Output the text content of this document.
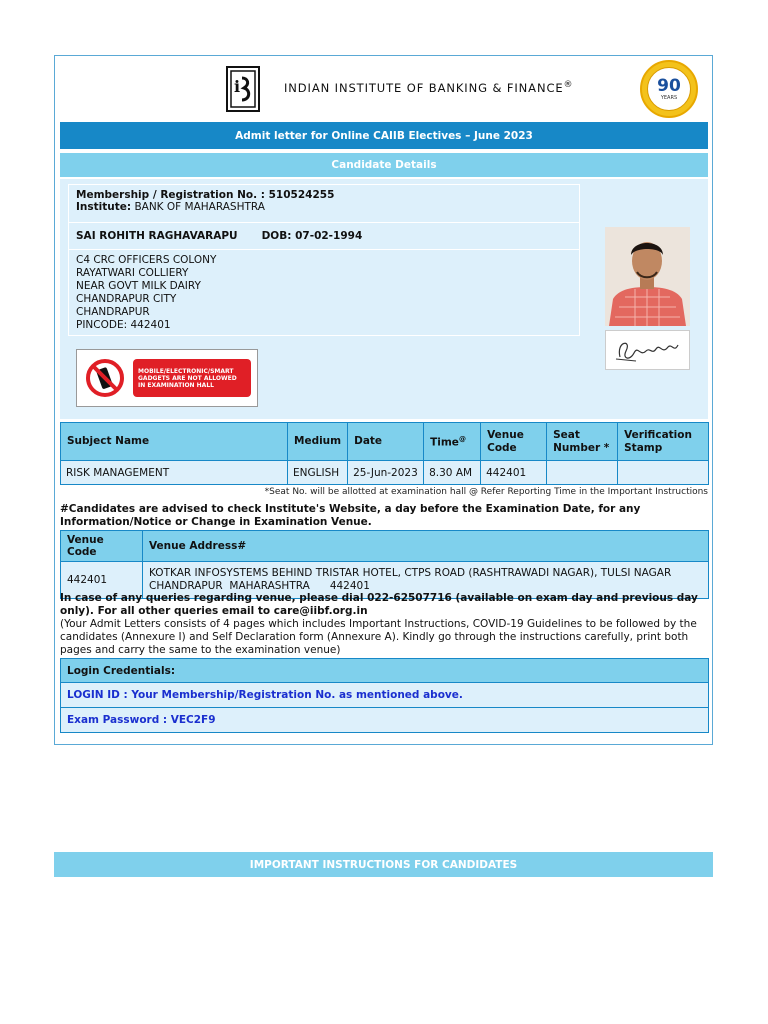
i	INDIAN INSTITUTE OF BANKING & FINANCE®	90
YEARS
Admit letter for Online CAIIB Electives – June 2023
Candidate Details
Membership / Registration No. : 510524255
Institute: BANK OF MAHARASHTRA
SAI ROHITH RAGHAVARAPU DOB:
07-02-1994
C4 CRC OFFICERS COLONY
RAYATWARI COLLIERY
NEAR GOVT MILK DAIRY
CHANDRAPUR CITY
CHANDRAPUR
PINCODE: 442401
MOBILE/ELECTRONIC/SMART GADGETS ARE NOT ALLOWED IN EXAMINATION HALL
Subject Name	Medium	Date	Time@	Venue Code	Seat Number *	Verification Stamp
RISK MANAGEMENT	ENGLISH	25-Jun-2023	8.30 AM	442401		
*Seat No. will be allotted at examination hall @ Refer Reporting Time in the Important Instructions
#Candidates are advised to check Institute's Website, a day before the Examination Date, for any Information/Notice or Change in Examination Venue.
Venue Code	Venue Address#
442401	KOTKAR INFOSYSTEMS BEHIND TRISTAR HOTEL, CTPS ROAD (RASHTRAWADI NAGAR), TULSI NAGAR
CHANDRAPUR  MAHARASHTRA      442401
In case of any queries regarding venue, please dial 022-62507716 (available on exam day and previous day only). For all other queries email to care@iibf.org.in
(Your Admit Letters consists of 4 pages which includes Important Instructions, COVID-19 Guidelines to be followed by the candidates (Annexure I) and Self Declaration form (Annexure A). Kindly go through the instructions carefully, print both pages and carry the same to the examination venue)
Login Credentials:
LOGIN ID : Your Membership/Registration No. as mentioned above.
Exam Password : VEC2F9
IMPORTANT INSTRUCTIONS FOR CANDIDATES
